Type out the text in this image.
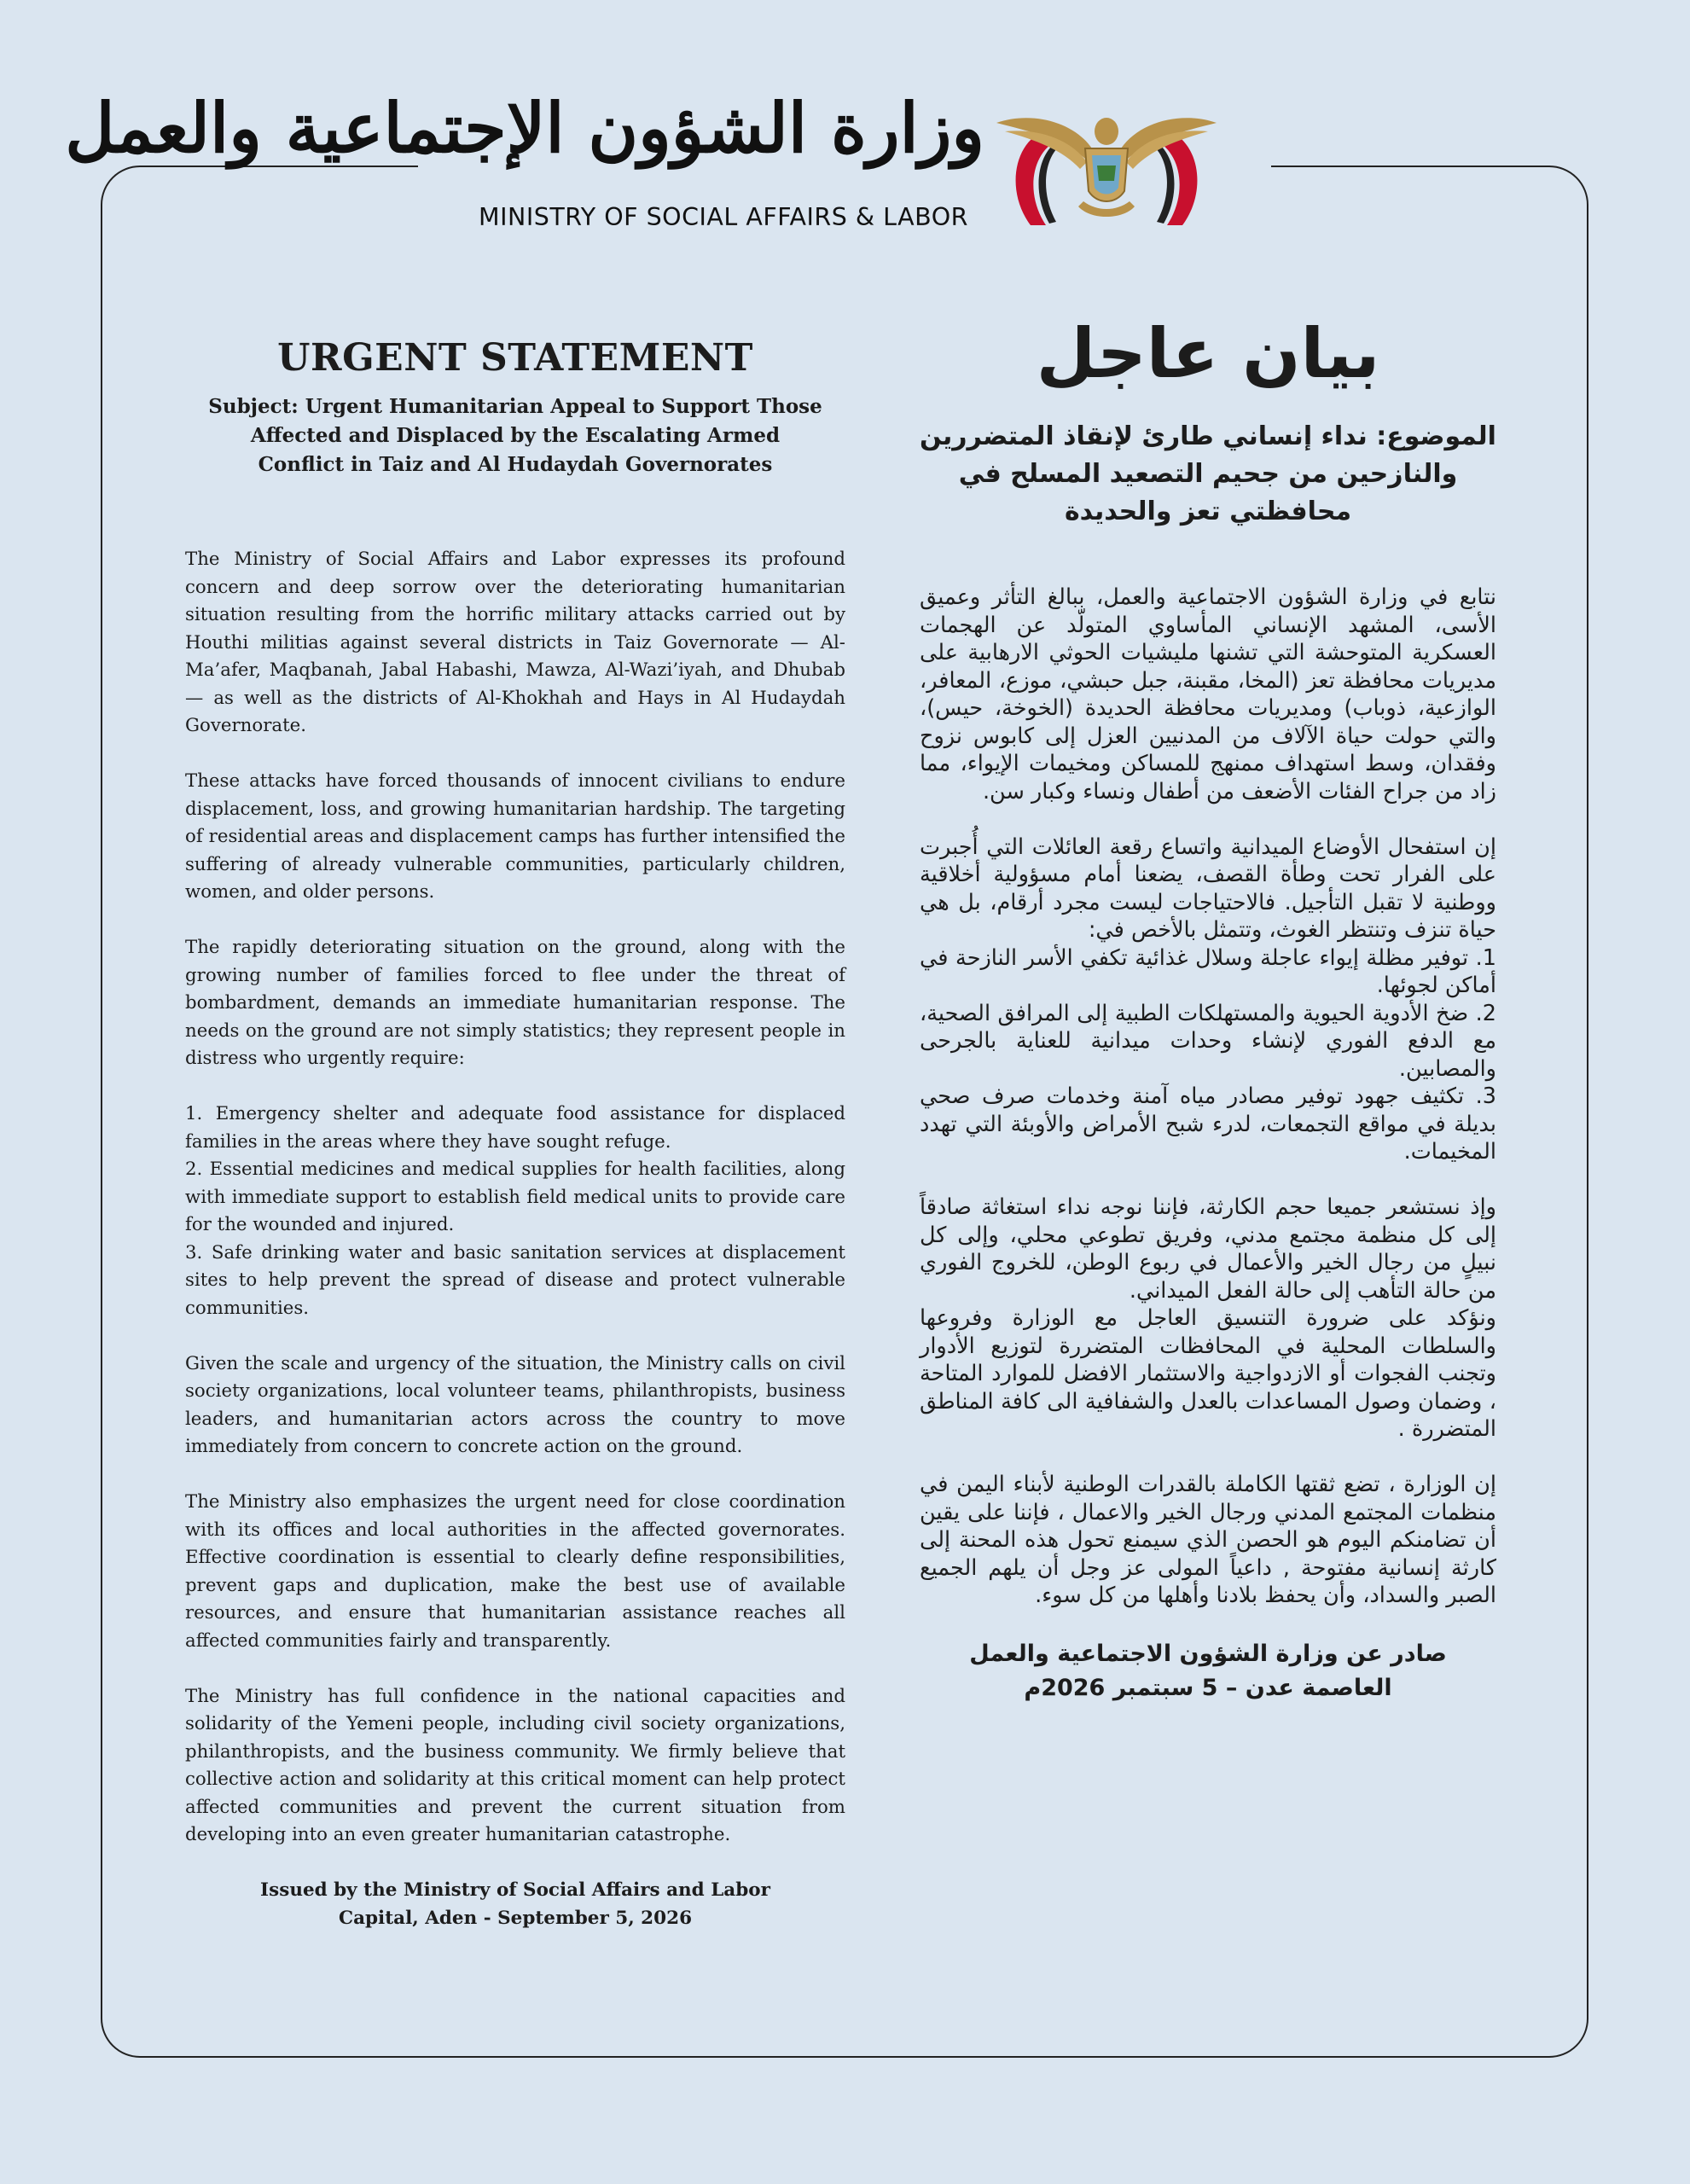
وزارة الشؤون الإجتماعية والعمل
MINISTRY OF SOCIAL AFFAIRS & LABOR
URGENT STATEMENT
Subject: Urgent Humanitarian Appeal to Support Those Affected and Displaced by the Escalating Armed Conflict in Taiz and Al Hudaydah Governorates

The Ministry of Social Affairs and Labor expresses its profound concern and deep sorrow over the deteriorating humanitarian situation resulting from the horrific military attacks carried out by Houthi militias against several districts in Taiz Governorate — Al-Ma’afer, Maqbanah, Jabal Habashi, Mawza, Al-Wazi’iyah, and Dhubab — as well as the districts of Al-Khokhah and Hays in Al Hudaydah Governorate.

These attacks have forced thousands of innocent civilians to endure displacement, loss, and growing humanitarian hardship. The targeting of residential areas and displacement camps has further intensified the suffering of already vulnerable communities, particularly children, women, and older persons.

The rapidly deteriorating situation on the ground, along with the growing number of families forced to flee under the threat of bombardment, demands an immediate humanitarian response. The needs on the ground are not simply statistics; they represent people in distress who urgently require:

1. Emergency shelter and adequate food assistance for displaced families in the areas where they have sought refuge.
2. Essential medicines and medical supplies for health facilities, along with immediate support to establish field medical units to provide care for the wounded and injured.
3. Safe drinking water and basic sanitation services at displacement sites to help prevent the spread of disease and protect vulnerable communities.

Given the scale and urgency of the situation, the Ministry calls on civil society organizations, local volunteer teams, philanthropists, business leaders, and humanitarian actors across the country to move immediately from concern to concrete action on the ground.

The Ministry also emphasizes the urgent need for close coordination with its offices and local authorities in the affected governorates. Effective coordination is essential to clearly define responsibilities, prevent gaps and duplication, make the best use of available resources, and ensure that humanitarian assistance reaches all affected communities fairly and transparently.

The Ministry has full confidence in the national capacities and solidarity of the Yemeni people, including civil society organizations, philanthropists, and the business community. We firmly believe that collective action and solidarity at this critical moment can help protect affected communities and prevent the current situation from developing into an even greater humanitarian catastrophe.

Issued by the Ministry of Social Affairs and Labor
Capital, Aden - September 5, 2026
بيان عاجل
الموضوع: نداء إنساني طارئ لإنقاذ المتضررين والنازحين من جحيم التصعيد المسلح في محافظتي تعز والحديدة

نتابع في وزارة الشؤون الاجتماعية والعمل، ببالغ التأثر وعميق الأسى، المشهد الإنساني المأساوي المتولّد عن الهجمات العسكرية المتوحشة التي تشنها مليشيات الحوثي الارهابية على مديريات محافظة تعز (المخا، مقبنة، جبل حبشي، موزع، المعافر، الوازعية، ذوباب) ومديريات محافظة الحديدة (الخوخة، حيس)، والتي حولت حياة الآلاف من المدنيين العزل إلى كابوس نزوح وفقدان، وسط استهداف ممنهج للمساكن ومخيمات الإيواء، مما زاد من جراح الفئات الأضعف من أطفال ونساء وكبار سن.

إن استفحال الأوضاع الميدانية واتساع رقعة العائلات التي أُجبرت على الفرار تحت وطأة القصف، يضعنا أمام مسؤولية أخلاقية ووطنية لا تقبل التأجيل. فالاحتياجات ليست مجرد أرقام، بل هي حياة تنزف وتنتظر الغوث، وتتمثل بالأخص في:

1. توفير مظلة إيواء عاجلة وسلال غذائية تكفي الأسر النازحة في أماكن لجوئها.
2. ضخ الأدوية الحيوية والمستهلكات الطبية إلى المرافق الصحية، مع الدفع الفوري لإنشاء وحدات ميدانية للعناية بالجرحى والمصابين.
3. تكثيف جهود توفير مصادر مياه آمنة وخدمات صرف صحي بديلة في مواقع التجمعات، لدرء شبح الأمراض والأوبئة التي تهدد المخيمات.

وإذ نستشعر جميعا حجم الكارثة، فإننا نوجه نداء استغاثة صادقاً إلى كل منظمة مجتمع مدني، وفريق تطوعي محلي، وإلى كل نبيلٍ من رجال الخير والأعمال في ربوع الوطن، للخروج الفوري من حالة التأهب إلى حالة الفعل الميداني.

ونؤكد على ضرورة التنسيق العاجل مع الوزارة وفروعها والسلطات المحلية في المحافظات المتضررة لتوزيع الأدوار وتجنب الفجوات أو الازدواجية والاستثمار الافضل للموارد المتاحة ، وضمان وصول المساعدات بالعدل والشفافية الى كافة المناطق المتضررة .

إن الوزارة ، تضع ثقتها الكاملة بالقدرات الوطنية لأبناء اليمن في منظمات المجتمع المدني ورجال الخير والاعمال ، فإننا على يقين أن تضامنكم اليوم هو الحصن الذي سيمنع تحول هذه المحنة إلى كارثة إنسانية مفتوحة , داعياً المولى عز وجل أن يلهم الجميع الصبر والسداد، وأن يحفظ بلادنا وأهلها من كل سوء.

صادر عن وزارة الشؤون الاجتماعية والعمل
العاصمة عدن – 5 سبتمبر 2026م
